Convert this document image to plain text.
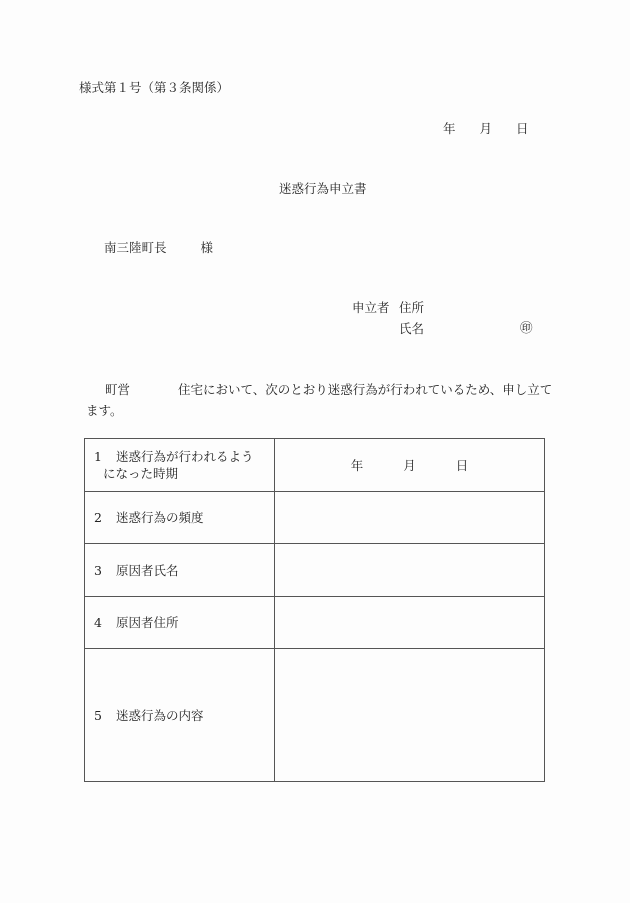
様式第１号（第３条関係）
年 月 日
迷惑行為申立書
南三陸町長	様
申立者 住所
氏名	㊞
町営	住宅において、次のとおり迷惑行為が行われているため、申し立てます。
1 迷惑行為が行われるよう
になった時期	年 月 日
2 迷惑行為の頻度	
3 原因者氏名	
4 原因者住所	
5 迷惑行為の内容	
